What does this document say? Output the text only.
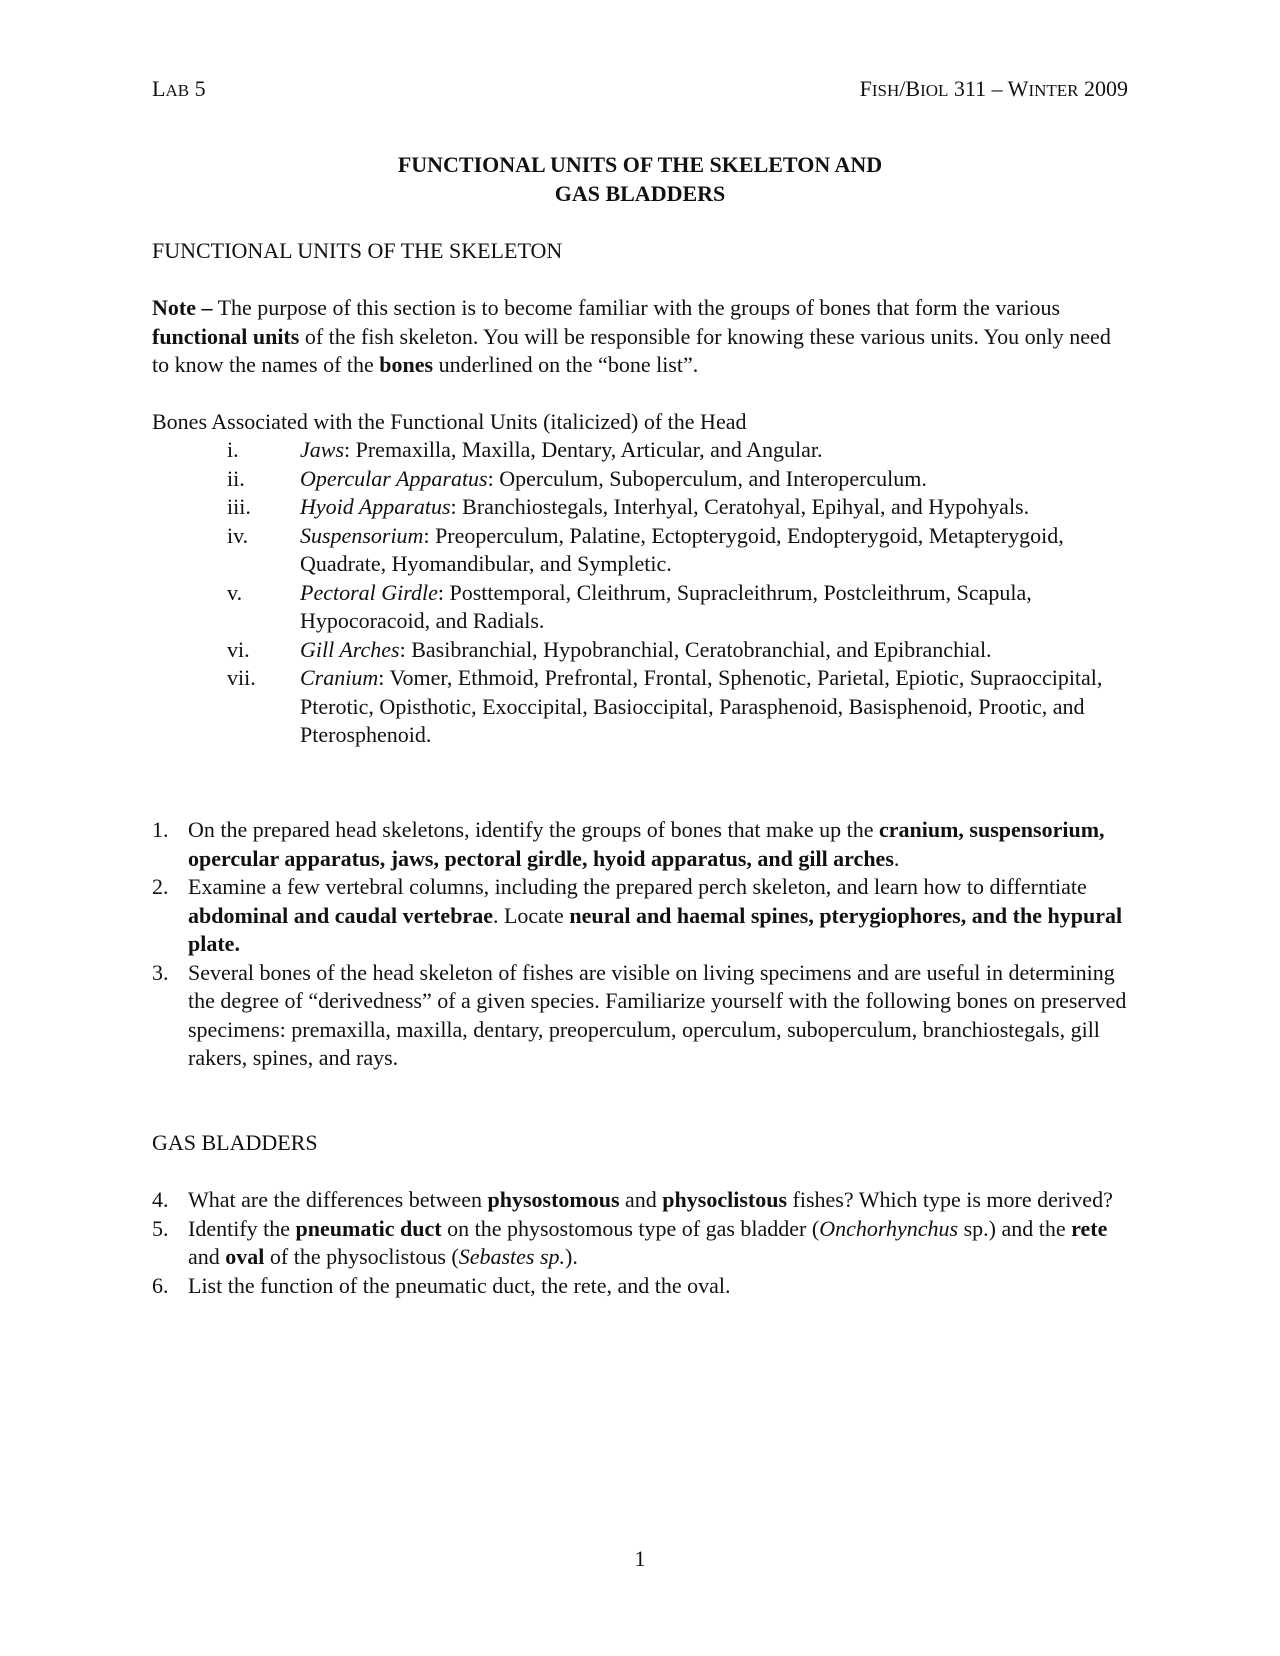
LAB 5	FISH/BIOL 311 – WINTER 2009
FUNCTIONAL UNITS OF THE SKELETON AND
GAS BLADDERS
FUNCTIONAL UNITS OF THE SKELETON

Note – The purpose of this section is to become familiar with the groups of bones that form the various functional units of the fish skeleton. You will be responsible for knowing these various units. You only need to know the names of the bones underlined on the “bone list”.

Bones Associated with the Functional Units (italicized) of the Head
i.	Jaws: Premaxilla, Maxilla, Dentary, Articular, and Angular.
ii.	Opercular Apparatus: Operculum, Suboperculum, and Interoperculum.
iii.	Hyoid Apparatus: Branchiostegals, Interhyal, Ceratohyal, Epihyal, and Hypohyals.
iv.	Suspensorium: Preoperculum, Palatine, Ectopterygoid, Endopterygoid, Metapterygoid, Quadrate, Hyomandibular, and Sympletic.
v.	Pectoral Girdle: Posttemporal, Cleithrum, Supracleithrum, Postcleithrum, Scapula, Hypocoracoid, and Radials.
vi.	Gill Arches: Basibranchial, Hypobranchial, Ceratobranchial, and Epibranchial.
vii.	Cranium: Vomer, Ethmoid, Prefrontal, Frontal, Sphenotic, Parietal, Epiotic, Supraoccipital, Pterotic, Opisthotic, Exoccipital, Basioccipital, Parasphenoid, Basisphenoid, Prootic, and Pterosphenoid.
1. On the prepared head skeletons, identify the groups of bones that make up the cranium, suspensorium, opercular apparatus, jaws, pectoral girdle, hyoid apparatus, and gill arches.
2. Examine a few vertebral columns, including the prepared perch skeleton, and learn how to differntiate abdominal and caudal vertebrae. Locate neural and haemal spines, pterygiophores, and the hypural plate.
3. Several bones of the head skeleton of fishes are visible on living specimens and are useful in determining the degree of “derivedness” of a given species. Familiarize yourself with the following bones on preserved specimens: premaxilla, maxilla, dentary, preoperculum, operculum, suboperculum, branchiostegals, gill rakers, spines, and rays.
GAS BLADDERS
4. What are the differences between physostomous and physoclistous fishes? Which type is more derived?
5. Identify the pneumatic duct on the physostomous type of gas bladder (Onchorhynchus sp.) and the rete and oval of the physoclistous (Sebastes sp.).
6. List the function of the pneumatic duct, the rete, and the oval.
1
